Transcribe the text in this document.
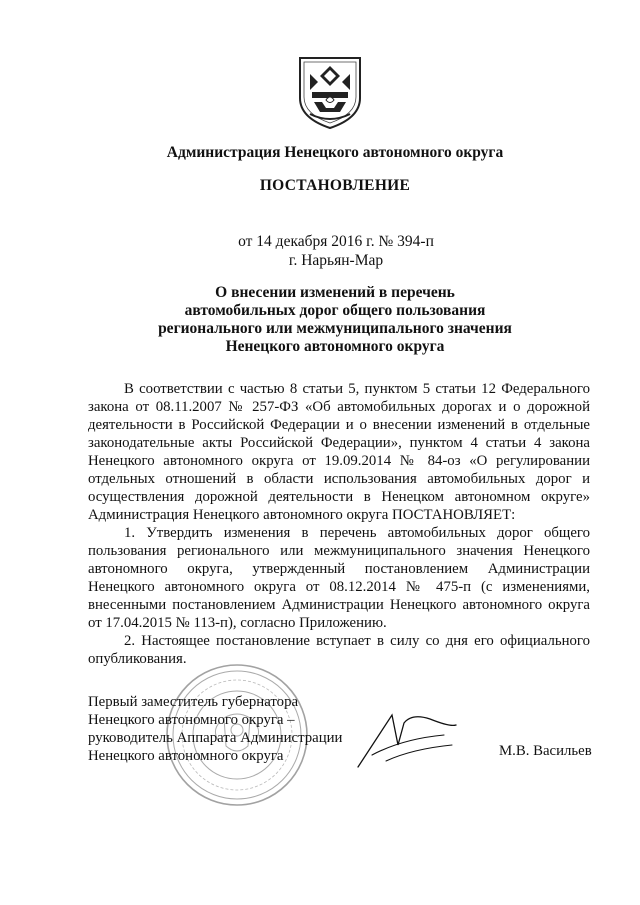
Администрация Ненецкого автономного округа
ПОСТАНОВЛЕНИЕ
от 14 декабря 2016 г. № 394-п
г. Нарьян-Мар
О внесении изменений в перечень
автомобильных дорог общего пользования
регионального или межмуниципального значения
Ненецкого автономного округа

В соответствии с частью 8 статьи 5, пунктом 5 статьи 12 Федерального закона от 08.11.2007 № 257-ФЗ «Об автомобильных дорогах и о дорожной деятельности в Российской Федерации и о внесении изменений в отдельные законодательные акты Российской Федерации», пунктом 4 статьи 4 закона Ненецкого автономного округа от 19.09.2014 № 84-оз «О регулировании отдельных отношений в области использования автомобильных дорог и осуществления дорожной деятельности в Ненецком автономном округе» Администрация Ненецкого автономного округа ПОСТАНОВЛЯЕТ:

1. Утвердить изменения в перечень автомобильных дорог общего пользования регионального или межмуниципального значения Ненецкого автономного округа, утвержденный постановлением Администрации Ненецкого автономного округа от 08.12.2014 № 475-п (с изменениями, внесенными постановлением Администрации Ненецкого автономного округа от 17.04.2015 № 113-п), согласно Приложению.

2. Настоящее постановление вступает в силу со дня его официального опубликования.

Первый заместитель губернатора
Ненецкого автономного округа –
руководитель Аппарата Администрации
Ненецкого автономного округа	М.В. Васильев
